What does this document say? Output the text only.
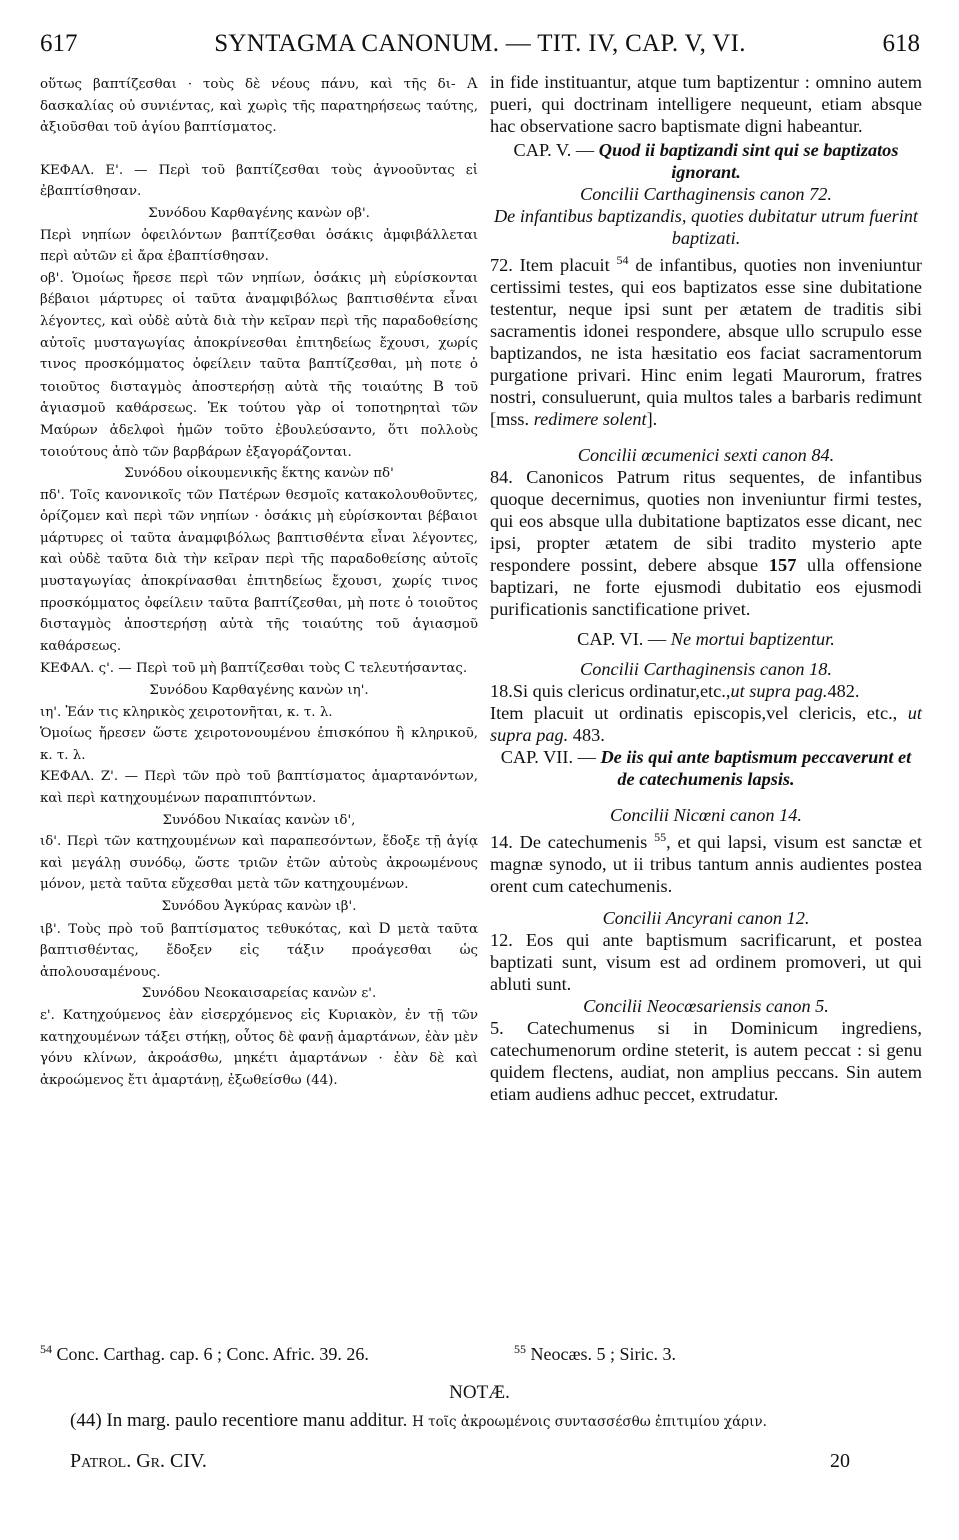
617	SYNTAGMA CANONUM. — TIT. IV, CAP. V, VI.	618

οὕτως βαπτίζεσθαι · τοὺς δὲ νέους πάνυ, καὶ τῆς δι- A δασκαλίας οὐ συνιέντας, καὶ χωρὶς τῆς παρατηρήσεως ταύτης, ἀξιοῦσθαι τοῦ ἁγίου βαπτίσματος.

ΚΕΦΑΛ. Ε'. — Περὶ τοῦ βαπτίζεσθαι τοὺς ἀγνοοῦντας εἰ ἐβαπτίσθησαν.

Συνόδου Καρθαγένης κανὼν οβ'.

Περὶ νηπίων ὀφειλόντων βαπτίζεσθαι ὁσάκις ἀμφιβάλλεται περὶ αὐτῶν εἰ ἄρα ἐβαπτίσθησαν.

οβ'. Ὁμοίως ἤρεσε περὶ τῶν νηπίων, ὁσάκις μὴ εὑρίσκονται βέβαιοι μάρτυρες οἱ ταῦτα ἀναμφιβόλως βαπτισθέντα εἶναι λέγοντες, καὶ οὐδὲ αὐτὰ διὰ τὴν κεῖραν περὶ τῆς παραδοθείσης αὐτοῖς μυσταγωγίας ἀποκρίνεσθαι ἐπιτηδείως ἔχουσι, χωρίς τινος προσκόμματος ὀφείλειν ταῦτα βαπτίζεσθαι, μὴ ποτε ὁ τοιοῦτος δισταγμὸς ἀποστερήσῃ αὐτὰ τῆς τοιαύτης B τοῦ ἁγιασμοῦ καθάρσεως. Ἐκ τούτου γὰρ οἱ τοποτηρηταὶ τῶν Μαύρων ἀδελφοὶ ἡμῶν τοῦτο ἐβουλεύσαντο, ὅτι πολλοὺς τοιούτους ἀπὸ τῶν βαρβάρων ἐξαγοράζονται.

Συνόδου οἰκουμενικῆς ἕκτης κανὼν πδ'

πδ'. Τοῖς κανονικοῖς τῶν Πατέρων θεσμοῖς κατακολουθοῦντες, ὁρίζομεν καὶ περὶ τῶν νηπίων · ὁσάκις μὴ εὑρίσκονται βέβαιοι μάρτυρες οἱ ταῦτα ἀναμφιβόλως βαπτισθέντα εἶναι λέγοντες, καὶ οὐδὲ ταῦτα διὰ τὴν κεῖραν περὶ τῆς παραδοθείσης αὐτοῖς μυσταγωγίας ἀποκρίνασθαι ἐπιτηδείως ἔχουσι, χωρίς τινος προσκόμματος ὀφείλειν ταῦτα βαπτίζεσθαι, μὴ ποτε ὁ τοιοῦτος δισταγμὸς ἀποστερήσῃ αὐτὰ τῆς τοιαύτης τοῦ ἁγιασμοῦ καθάρσεως.

ΚΕΦΑΛ. ς'. — Περὶ τοῦ μὴ βαπτίζεσθαι τοὺς C τελευτήσαντας.

Συνόδου Καρθαγένης κανὼν ιη'.

ιη'. Ἐάν τις κληρικὸς χειροτονῆται, κ. τ. λ.

Ὁμοίως ἤρεσεν ὥστε χειροτονουμένου ἐπισκόπου ἢ κληρικοῦ, κ. τ. λ.

ΚΕΦΑΛ. Ζ'. — Περὶ τῶν πρὸ τοῦ βαπτίσματος ἁμαρτανόντων, καὶ περὶ κατηχουμένων παραπιπτόντων.

Συνόδου Νικαίας κανὼν ιδ',

ιδ'. Περὶ τῶν κατηχουμένων καὶ παραπεσόντων, ἔδοξε τῇ ἁγίᾳ καὶ μεγάλῃ συνόδῳ, ὥστε τριῶν ἐτῶν αὐτοὺς ἀκροωμένους μόνον, μετὰ ταῦτα εὔχεσθαι μετὰ τῶν κατηχουμένων.

Συνόδου Ἀγκύρας κανὼν ιβ'.

ιβ'. Τοὺς πρὸ τοῦ βαπτίσματος τεθυκότας, καὶ D μετὰ ταῦτα βαπτισθέντας, ἔδοξεν εἰς τάξιν προάγεσθαι ὡς ἀπολουσαμένους.

Συνόδου Νεοκαισαρείας κανὼν ε'.

ε'. Κατηχούμενος ἐὰν εἰσερχόμενος εἰς Κυριακὸν, ἐν τῇ τῶν κατηχουμένων τάξει στήκῃ, οὗτος δὲ φανῇ ἁμαρτάνων, ἐὰν μὲν γόνυ κλίνων, ἀκροάσθω, μηκέτι ἁμαρτάνων · ἐὰν δὲ καὶ ἀκροώμενος ἔτι ἁμαρτάνῃ, ἐξωθείσθω (44).

in fide instituantur, atque tum baptizentur : omnino autem pueri, qui doctrinam intelligere nequeunt, etiam absque hac observatione sacro baptismate digni habeantur.

CAP. V. — Quod ii baptizandi sint qui se baptizatos ignorant.

Concilii Carthaginensis canon 72.

De infantibus baptizandis, quoties dubitatur utrum fuerint baptizati.

72. Item placuit $^{54}$ de infantibus, quoties non inveniuntur certissimi testes, qui eos baptizatos esse sine dubitatione testentur, neque ipsi sunt per ætatem de traditis sibi sacramentis idonei respondere, absque ullo scrupulo esse baptizandos, ne ista hæsitatio eos faciat sacramentorum purgatione privari. Hinc enim legati Maurorum, fratres nostri, consuluerunt, quia multos tales a barbaris redimunt [mss. redimere solent].

Concilii œcumenici sexti canon 84.

84. Canonicos Patrum ritus sequentes, de infantibus quoque decernimus, quoties non inveniuntur firmi testes, qui eos absque ulla dubitatione baptizatos esse dicant, nec ipsi, propter ætatem de sibi tradito mysterio apte respondere possint, debere absque 157 ulla offensione baptizari, ne forte ejusmodi dubitatio eos ejusmodi purificationis sanctificatione privet.

CAP. VI. — Ne mortui baptizentur.

Concilii Carthaginensis canon 18.

18.Si quis clericus ordinatur,etc.,ut supra pag.482.

Item placuit ut ordinatis episcopis,vel clericis, etc., ut supra pag. 483.

CAP. VII. — De iis qui ante baptismum peccaverunt et de catechumenis lapsis.

Concilii Nicœni canon 14.

14. De catechumenis $^{55}$, et qui lapsi, visum est sanctæ et magnæ synodo, ut ii tribus tantum annis audientes postea orent cum catechumenis.

Concilii Ancyrani canon 12.

12. Eos qui ante baptismum sacrificarunt, et postea baptizati sunt, visum est ad ordinem promoveri, ut qui abluti sunt.

Concilii Neocœsariensis canon 5.

5. Catechumenus si in Dominicum ingrediens, catechumenorum ordine steterit, is autem peccat : si genu quidem flectens, audiat, non amplius peccans. Sin autem etiam audiens adhuc peccet, extrudatur.

$^{54}$ Conc. Carthag. cap. 6 ; Conc. Afric. 39. 26.	$^{55}$ Neocæs. 5 ; Siric. 3.
NOTÆ.
(44) In marg. paulo recentiore manu additur. Η τοῖς ἀκροωμένοις συντασσέσθω ἐπιτιμίου χάριν.
Patrol. Gr. CIV.	20
